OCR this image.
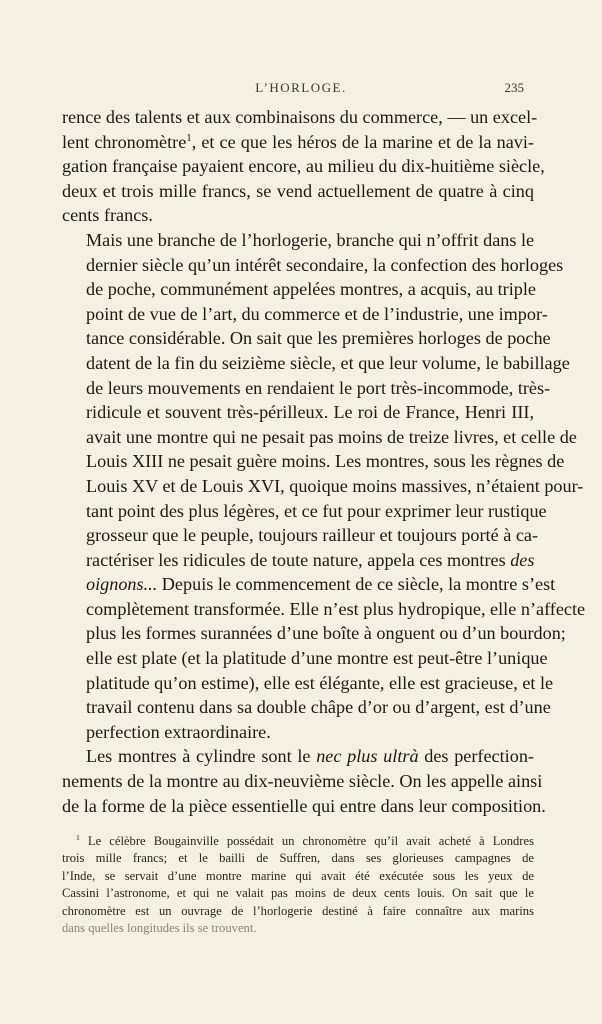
L’HORLOGE.	235

rence des talents et aux combinaisons du commerce, — un excel-
lent chronomètre$^1$, et ce que les héros de la marine et de la navi-
gation française payaient encore, au milieu du dix-huitième siècle,
deux et trois mille francs, se vend actuellement de quatre à cinq
cents francs.

Mais une branche de l’horlogerie, branche qui n’offrit dans le
dernier siècle qu’un intérêt secondaire, la confection des horloges
de poche, communément appelées montres, a acquis, au triple
point de vue de l’art, du commerce et de l’industrie, une impor-
tance considérable. On sait que les premières horloges de poche
datent de la fin du seizième siècle, et que leur volume, le babillage
de leurs mouvements en rendaient le port très-incommode, très-
ridicule et souvent très-périlleux. Le roi de France, Henri III,
avait une montre qui ne pesait pas moins de treize livres, et celle de
Louis XIII ne pesait guère moins. Les montres, sous les règnes de
Louis XV et de Louis XVI, quoique moins massives, n’étaient pour-
tant point des plus légères, et ce fut pour exprimer leur rustique
grosseur que le peuple, toujours railleur et toujours porté à ca-
ractériser les ridicules de toute nature, appela ces montres des
oignons... Depuis le commencement de ce siècle, la montre s’est
complètement transformée. Elle n’est plus hydropique, elle n’affecte
plus les formes surannées d’une boîte à onguent ou d’un bourdon;
elle est plate (et la platitude d’une montre est peut-être l’unique
platitude qu’on estime), elle est élégante, elle est gracieuse, et le
travail contenu dans sa double châpe d’or ou d’argent, est d’une
perfection extraordinaire.

Les montres à cylindre sont le nec plus ultrà des perfection-
nements de la montre au dix-neuvième siècle. On les appelle ainsi
de la forme de la pièce essentielle qui entre dans leur composition.

$^1$ Le célèbre Bougainville possédait un chronomètre qu’il avait acheté à Londres
trois mille francs; et le bailli de Suffren, dans ses glorieuses campagnes de
l’Inde, se servait d’une montre marine qui avait été exécutée sous les yeux de
Cassini l’astronome, et qui ne valait pas moins de deux cents louis. On sait que le
chronomètre est un ouvrage de l’horlogerie destiné à faire connaître aux marins
dans quelles longitudes ils se trouvent.
